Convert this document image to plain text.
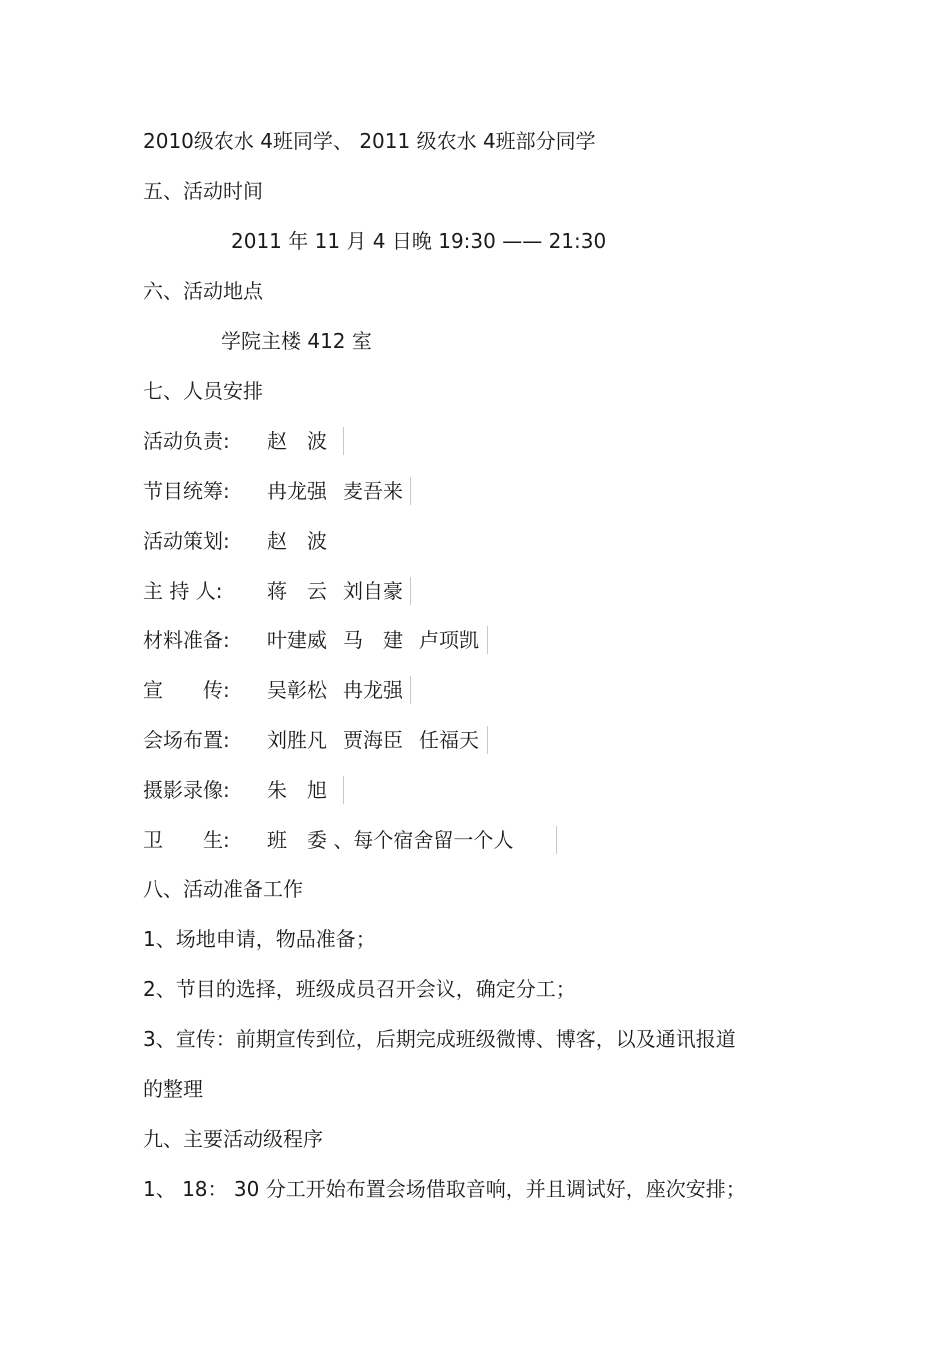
2010级农水 4班同学、 2011 级农水 4班部分同学
五、活动时间
2011 年 11 月 4 日晚 19:30 —— 21:30
六、活动地点
学院主楼 412 室
七、人员安排
活动负责: 赵　波
节目统筹: 冉龙强 麦吾来
活动策划: 赵　波
主 持 人: 蒋　云 刘自豪
材料准备: 叶建威 马　建 卢项凯
宣　　传: 吴彰松 冉龙强
会场布置: 刘胜凡 贾海臣 任福天
摄影录像: 朱　旭
卫　　生: 班　委 、每个宿舍留一个人
八、活动准备工作
1、场地申请，物品准备；
2、节目的选择，班级成员召开会议，确定分工；
3、宣传：前期宣传到位，后期完成班级微博、博客，以及通讯报道
的整理
九、主要活动级程序
1、 18： 30 分工开始布置会场借取音响，并且调试好，座次安排；
